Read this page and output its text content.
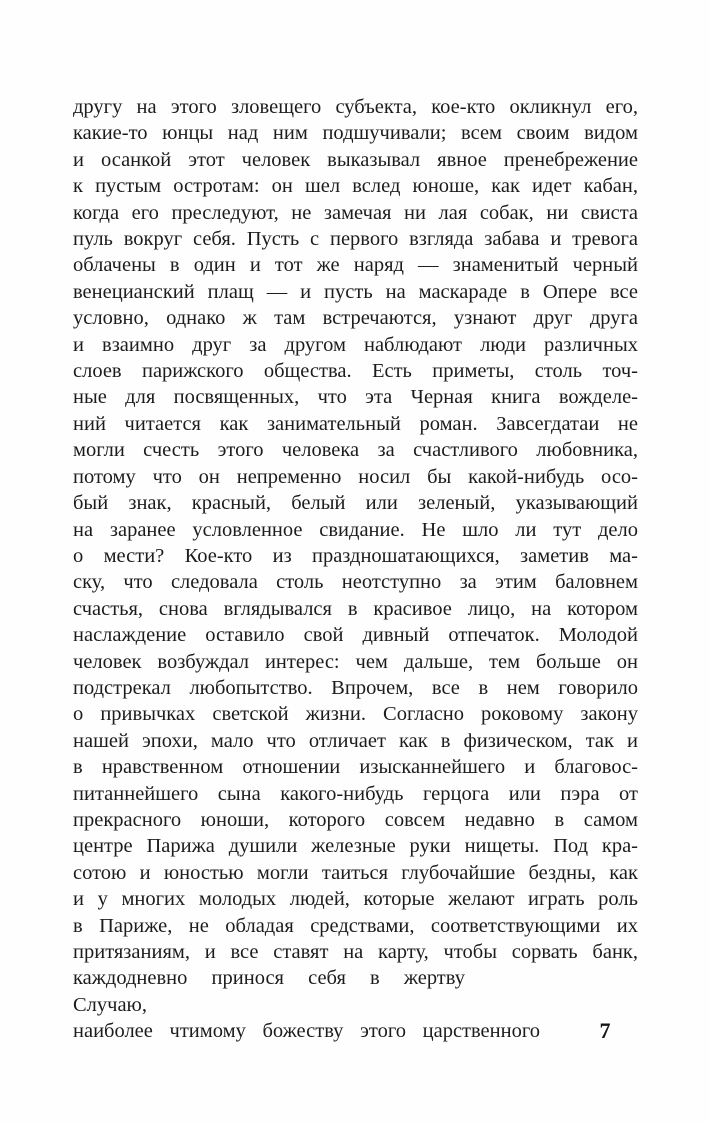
другу на этого зловещего субъекта, кое-кто окликнул его,
какие-то юнцы над ним подшучивали; всем своим видом
и осанкой этот человек выказывал явное пренебрежение
к пустым остротам: он шел вслед юноше, как идет кабан,
когда его преследуют, не замечая ни лая собак, ни свиста
пуль вокруг себя. Пусть с первого взгляда забава и тревога
облачены в один и тот же наряд — знаменитый черный
венецианский плащ — и пусть на маскараде в Опере все
условно, однако ж там встречаются, узнают друг друга
и взаимно друг за другом наблюдают люди различных
слоев парижского общества. Есть приметы, столь точ-
ные для посвященных, что эта Черная книга вожделе-
ний читается как занимательный роман. Завсегдатаи не
могли счесть этого человека за счастливого любовника,
потому что он непременно носил бы какой-нибудь осо-
бый знак, красный, белый или зеленый, указывающий
на заранее условленное свидание. Не шло ли тут дело
о мести? Кое-кто из праздношатающихся, заметив ма-
ску, что следовала столь неотступно за этим баловнем
счастья, снова вглядывался в красивое лицо, на котором
наслаждение оставило свой дивный отпечаток. Молодой
человек возбуждал интерес: чем дальше, тем больше он
подстрекал любопытство. Впрочем, все в нем говорило
о привычках светской жизни. Согласно роковому закону
нашей эпохи, мало что отличает как в физическом, так и
в нравственном отношении изысканнейшего и благовос-
питаннейшего сына какого-нибудь герцога или пэра от
прекрасного юноши, которого совсем недавно в самом
центре Парижа душили железные руки нищеты. Под кра-
сотою и юностью могли таиться глубочайшие бездны, как
и у многих молодых людей, которые желают играть роль
в Париже, не обладая средствами, соответствующими их
притязаниям, и все ставят на карту, чтобы сорвать банк,
каждодневно принося себя в жертву Случаю,
наиболее чтимому божеству этого царственного	7
